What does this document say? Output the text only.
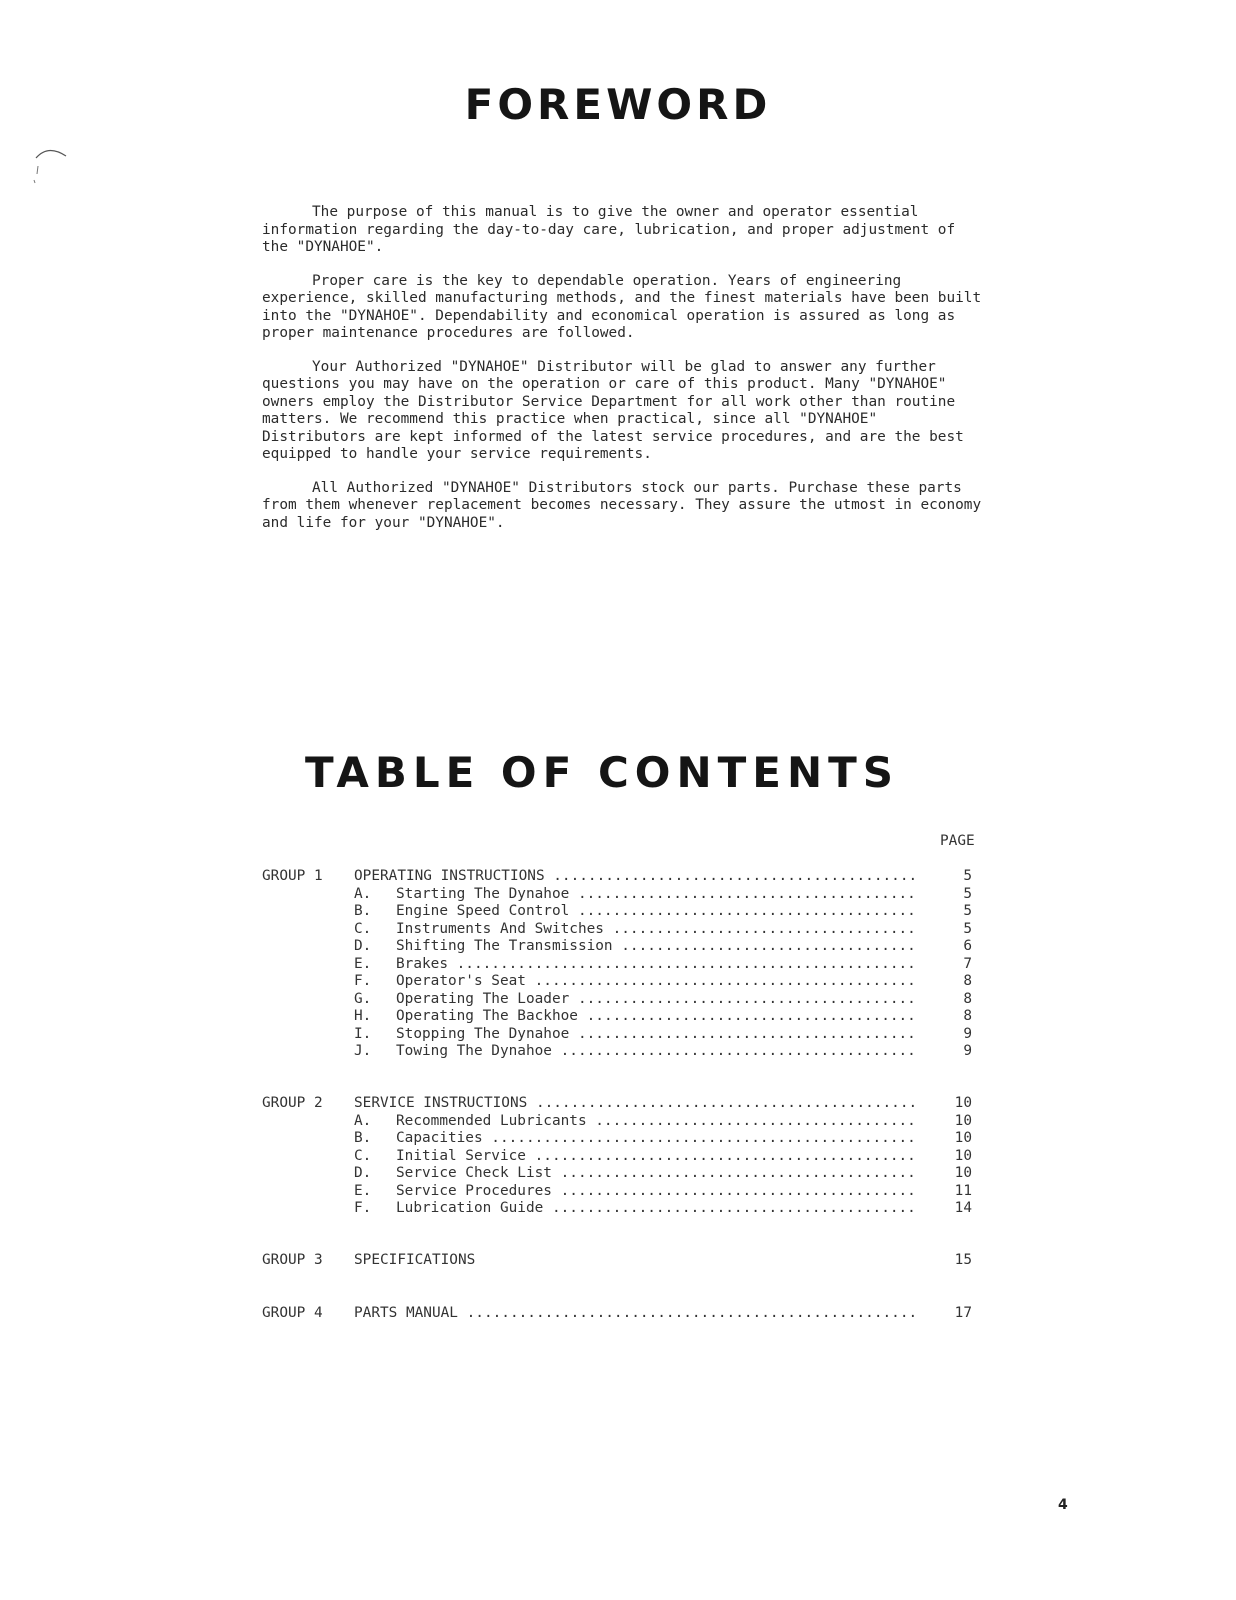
FOREWORD

The purpose of this manual is to give the owner and operator essential information regarding the day-to-day care, lubrication, and proper adjustment of the "DYNAHOE".

Proper care is the key to dependable operation. Years of engineering experience, skilled manufacturing methods, and the finest materials have been built into the "DYNAHOE". Dependability and economical operation is assured as long as proper maintenance procedures are followed.

Your Authorized "DYNAHOE" Distributor will be glad to answer any further questions you may have on the operation or care of this product. Many "DYNAHOE" owners employ the Distributor Service Department for all work other than routine matters. We recommend this practice when practical, since all "DYNAHOE" Distributors are kept informed of the latest service procedures, and are the best equipped to handle your service requirements.

All Authorized "DYNAHOE" Distributors stock our parts. Purchase these parts from them whenever replacement becomes necessary. They assure the utmost in economy and life for your "DYNAHOE".

TABLE OF CONTENTS
PAGE
GROUP 1 OPERATING INSTRUCTIONS .....	5
A. Starting The Dynahoe .....	5
B. Engine Speed Control .....	5
C. Instruments And Switches .....	5
D. Shifting The Transmission .....	6
E. Brakes .....	7
F. Operator's Seat .....	8
G. Operating The Loader .....	8
H. Operating The Backhoe .....	8
I. Stopping The Dynahoe .....	9
J. Towing The Dynahoe .....	9
GROUP 2 SERVICE INSTRUCTIONS .....	10
A. Recommended Lubricants .....	10
B. Capacities .....	10
C. Initial Service .....	10
D. Service Check List .....	10
E. Service Procedures .....	11
F. Lubrication Guide .....	14
GROUP 3 SPECIFICATIONS	15
GROUP 4 PARTS MANUAL .....	17
4
